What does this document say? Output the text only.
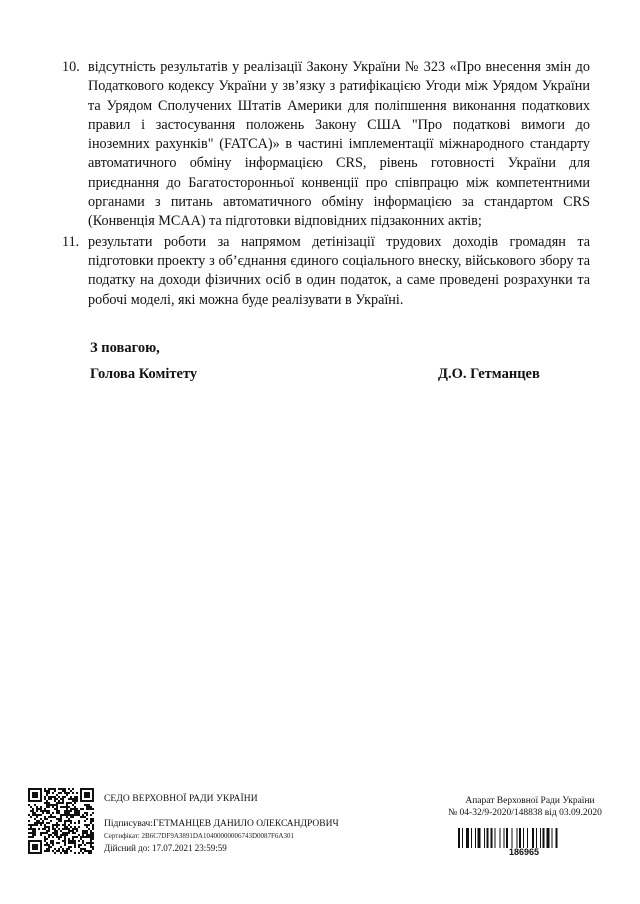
10. відсутність результатів у реалізації Закону України № 323 «Про внесення змін до Податкового кодексу України у зв’язку з ратифікацією Угоди між Урядом України та Урядом Сполучених Штатів Америки для поліпшення виконання податкових правил і застосування положень Закону США "Про податкові вимоги до іноземних рахунків" (FATCA)» в частині імплементації міжнародного стандарту автоматичного обміну інформацією CRS, рівень готовності України для приєднання до Багатосторонньої конвенції про співпрацю між компетентними органами з питань автоматичного обміну інформацією за стандартом CRS (Конвенція MCAA) та підготовки відповідних підзаконних актів;
11. результати роботи за напрямом детінізації трудових доходів громадян та підготовки проекту з об’єднання єдиного соціального внеску, військового збору та податку на доходи фізичних осіб в один податок, а саме проведені розрахунки та робочі моделі, які можна буде реалізувати в Україні.
З повагою,
Голова Комітету	Д.О. Гетманцев
СЕДО ВЕРХОВНОЇ РАДИ УКРАЇНИ
Підписувач:ГЕТМАНЦЕВ ДАНИЛО ОЛЕКСАНДРОВИЧ
Сертифікат: 2B6C7DF9A3891DA10400000006743D0087F6A301
Дійсний до: 17.07.2021 23:59:59
Апарат Верховної Ради України
№ 04-32/9-2020/148838 від 03.09.2020
186965
